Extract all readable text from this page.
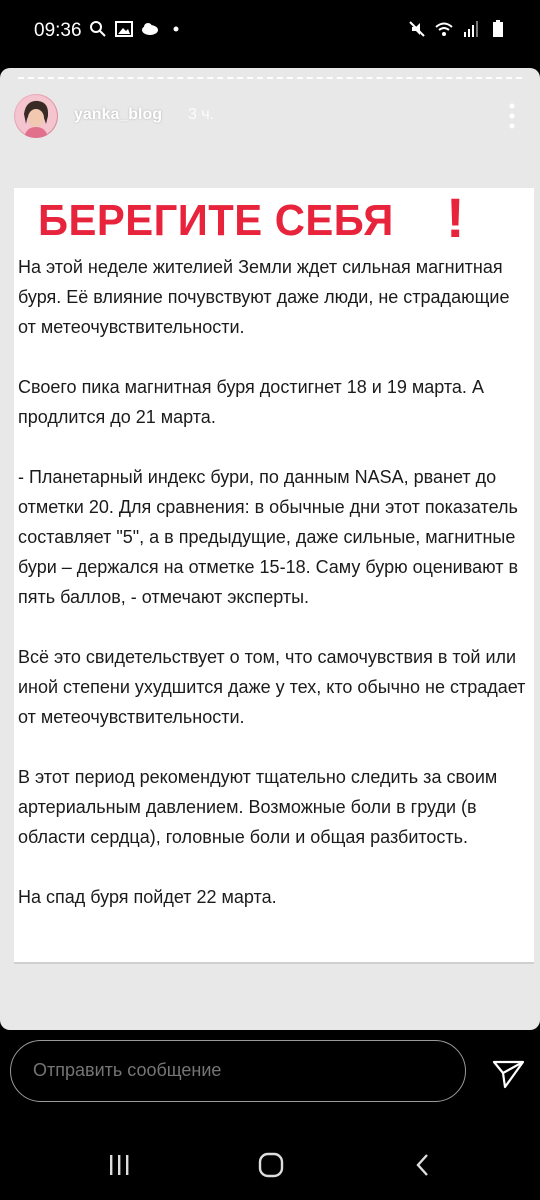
09:36
yanka_blog 3 ч.
БЕРЕГИТЕ СЕБЯ !

На этой неделе жителией Земли ждет сильная магнитная буря. Её влияние почувствуют даже люди, не страдающие от метеочувствительности.

Своего пика магнитная буря достигнет 18 и 19 марта. А продлится до 21 марта.

- Планетарный индекс бури, по данным NASA, рванет до отметки 20. Для сравнения: в обычные дни этот показатель составляет "5", а в предыдущие, даже сильные, магнитные бури – держался на отметке 15-18. Саму бурю оценивают в пять баллов, - отмечают эксперты.

Всё это свидетельствует о том, что самочувствия в той или иной степени ухудшится даже у тех, кто обычно не страдает от метеочувствительности.

В этот период рекомендуют тщательно следить за своим артериальным давлением. Возможные боли в груди (в области сердца), головные боли и общая разбитость.

На спад буря пойдет 22 марта.

Отправить сообщение
